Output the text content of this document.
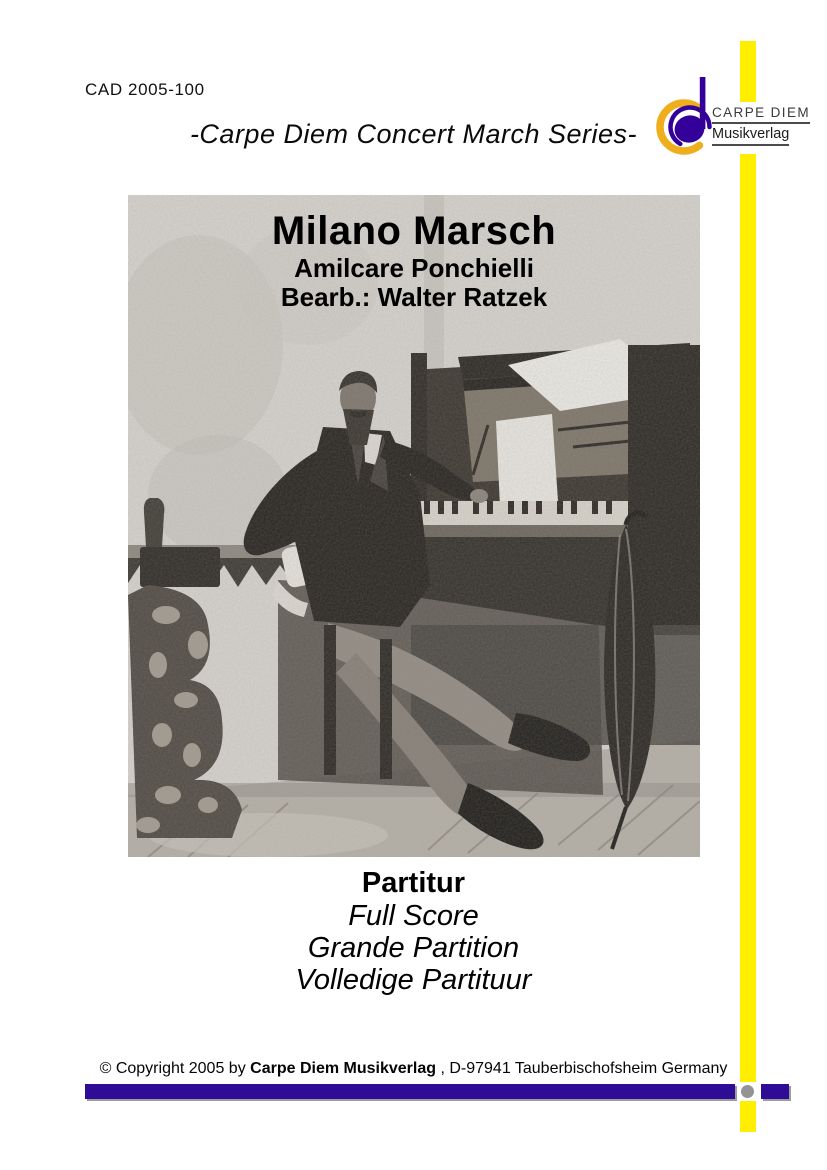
CAD 2005-100
CARPE DIEM
Musikverlag
-Carpe Diem Concert March Series-
Milano Marsch
Amilcare Ponchielli
Bearb.: Walter Ratzek
Partitur
Full Score
Grande Partition
Volledige Partituur
© Copyright 2005 by Carpe Diem Musikverlag , D-97941 Tauberbischofsheim Germany
